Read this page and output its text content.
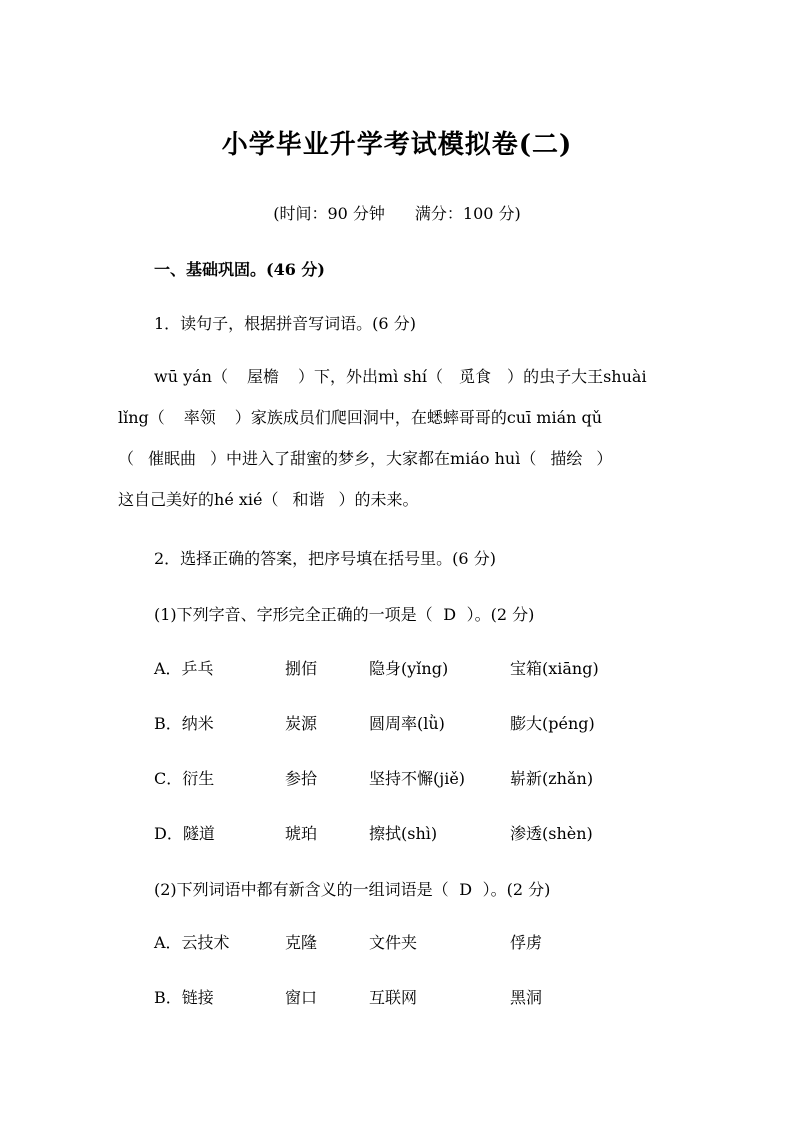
小学毕业升学考试模拟卷(二)
(时间：90 分钟 满分：100 分)
一、基础巩固。(46 分)
1．读句子，根据拼音写词语。(6 分)
wū yán（ 屋檐 ）下，外出mì shí（ 觅食 ）的虫子大王shuài
lǐng（ 率领 ）家族成员们爬回洞中，在蟋蟀哥哥的cuī mián qǔ
（ 催眠曲 ）中进入了甜蜜的梦乡，大家都在miáo huì（ 描绘 ）
这自己美好的hé xié（ 和谐 ）的未来。
2．选择正确的答案，把序号填在括号里。(6 分)
(1)下列字音、字形完全正确的一项是（ D ）。(2 分)
A．乒乓	捌佰	隐身(yǐng)	宝箱(xiāng)
B．纳米	炭源	圆周率(lǜ)	膨大(péng)
C．衍生	参拾	坚持不懈(jiě)	崭新(zhǎn)
D．隧道	琥珀	擦拭(shì)	渗透(shèn)
(2)下列词语中都有新含义的一组词语是（ D ）。(2 分)
A．云技术	克隆	文件夹	俘虏
B．链接	窗口	互联网	黑洞
